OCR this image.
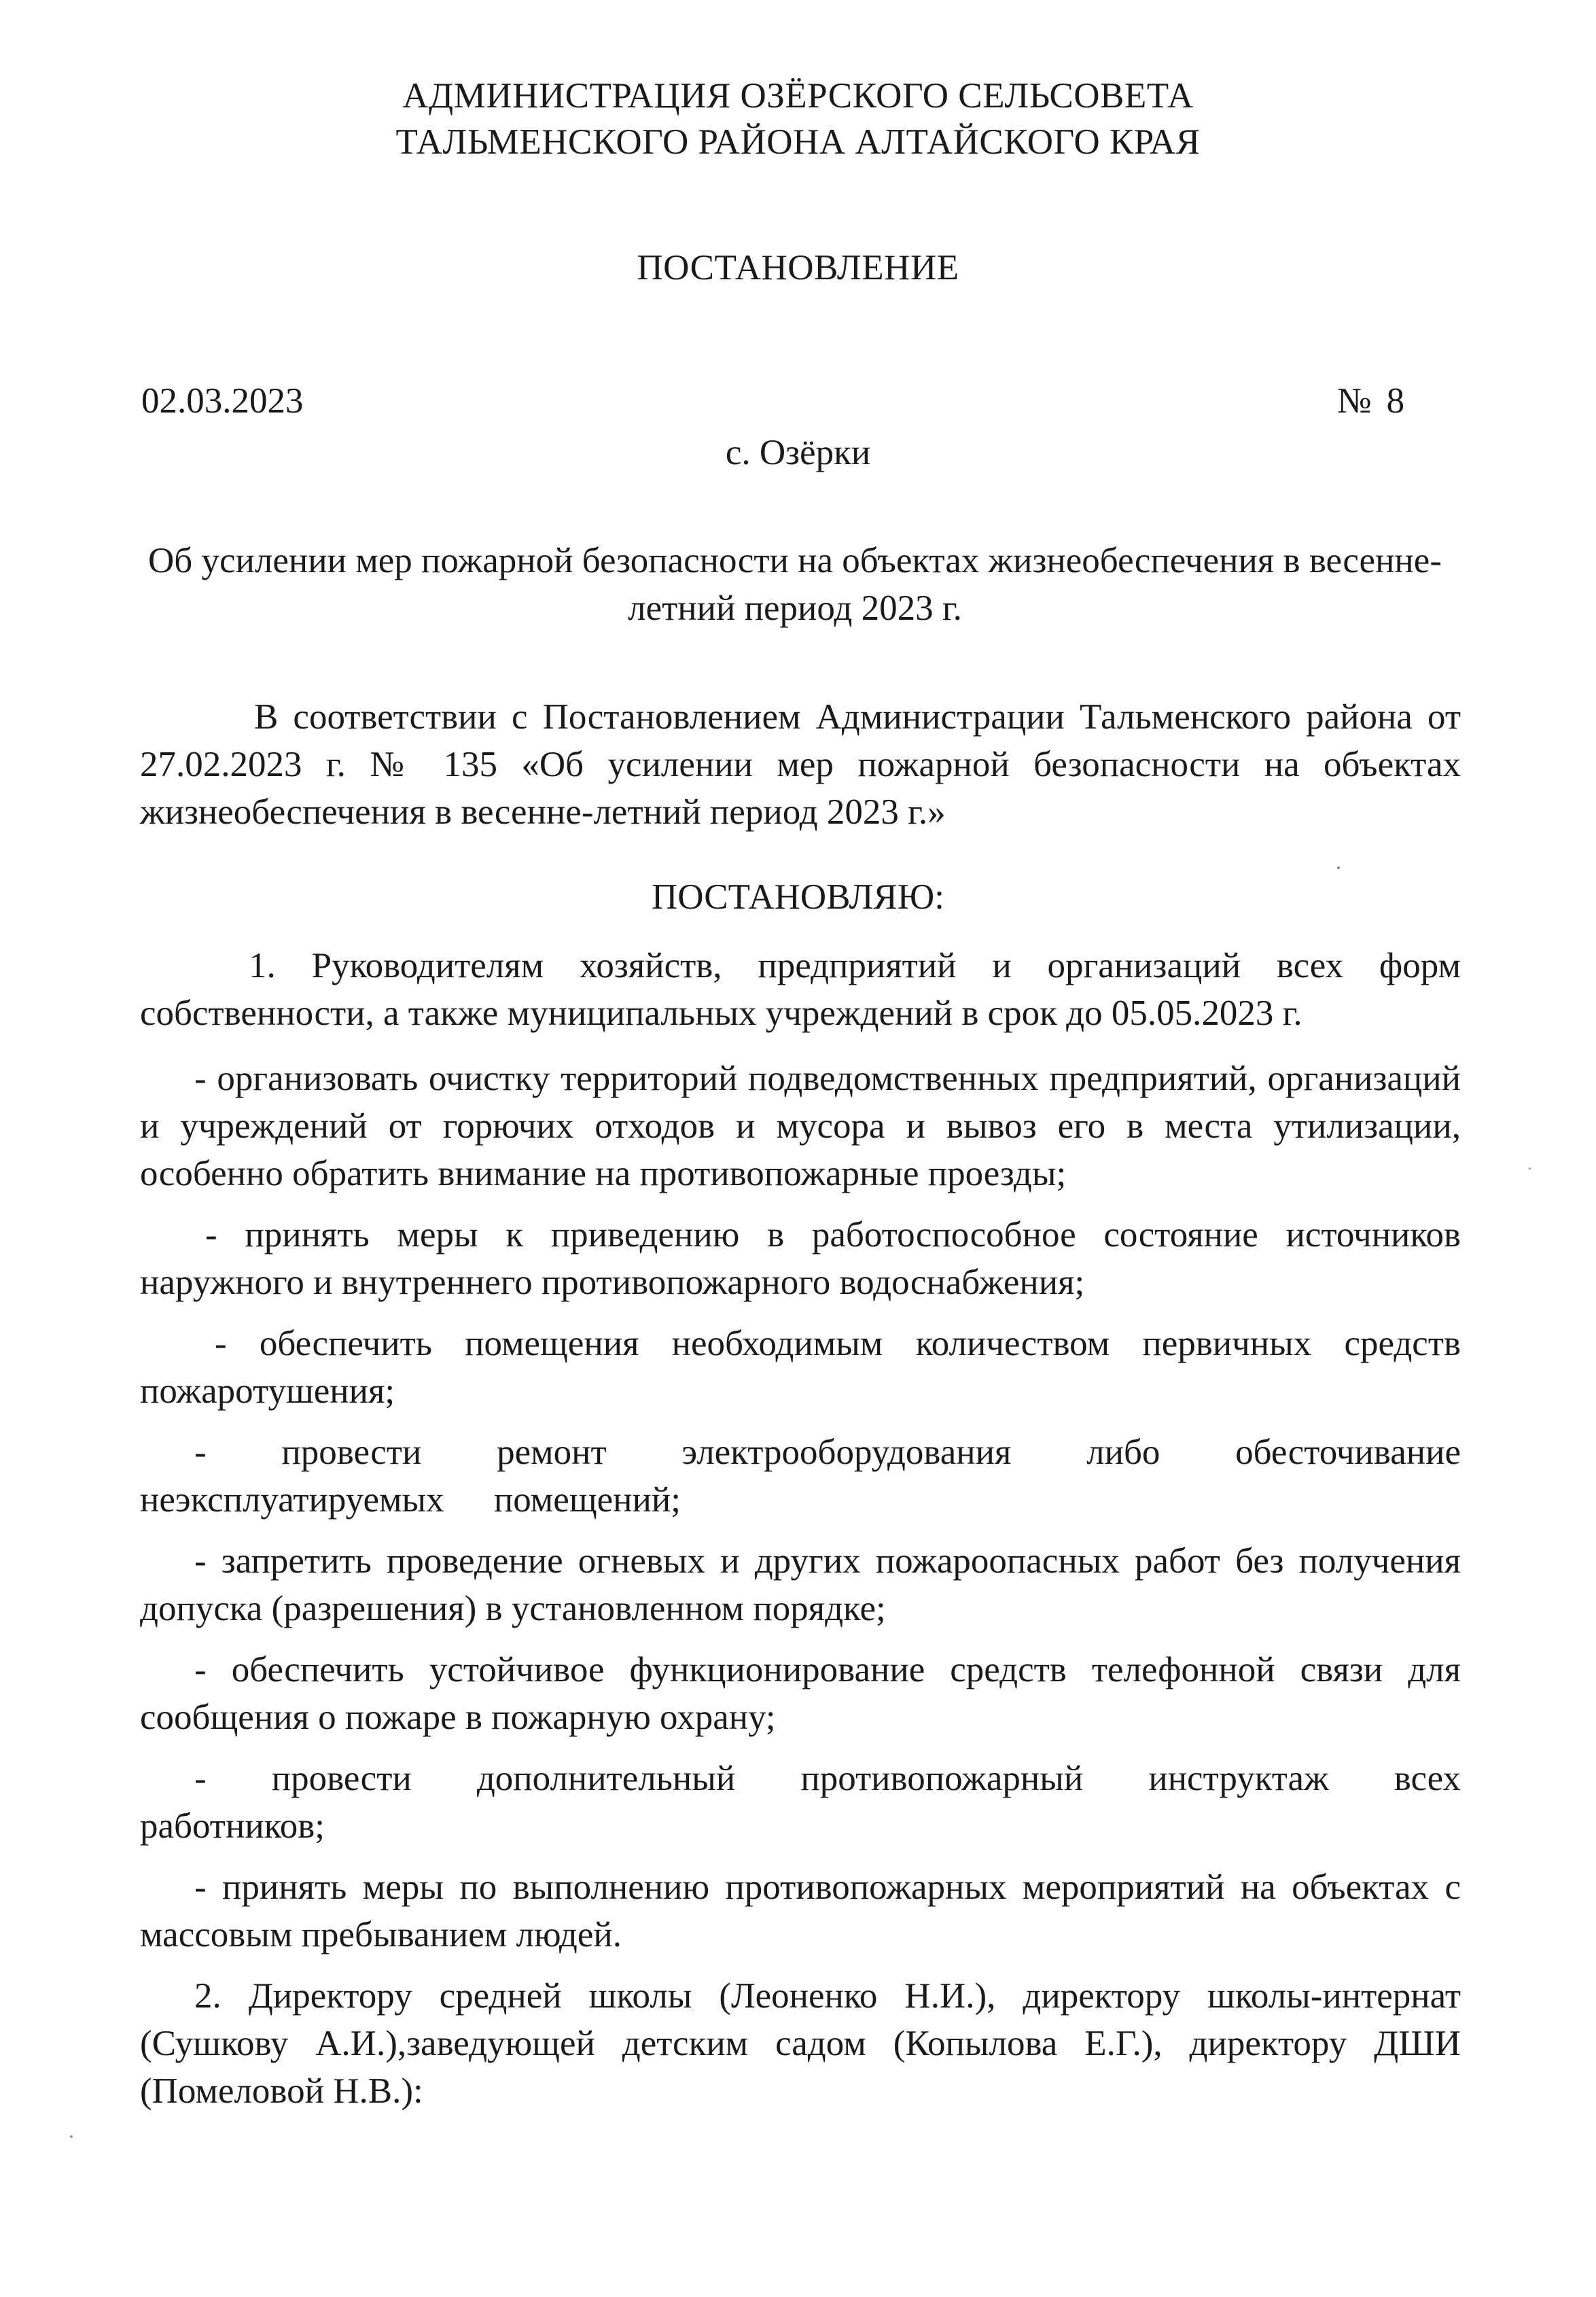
АДМИНИСТРАЦИЯ ОЗЁРСКОГО СЕЛЬСОВЕТА
ТАЛЬМЕНСКОГО РАЙОНА АЛТАЙСКОГО КРАЯ
ПОСТАНОВЛЕНИЕ
02.03.2023	№ 8
с. Озёрки
Об усилении мер пожарной безопасности на объектах жизнеобеспечения в весенне-летний период 2023 г.

В соответствии с Постановлением Администрации Тальменского района от 27.02.2023 г. № 135 «Об усилении мер пожарной безопасности на объектах жизнеобеспечения в весенне-летний период 2023 г.»

ПОСТАНОВЛЯЮ:
1. Руководителям хозяйств, предприятий и организаций всех форм собственности, а также муниципальных учреждений в срок до 05.05.2023 г.
- организовать очистку территорий подведомственных предприятий, организаций и учреждений от горючих отходов и мусора и вывоз его в места утилизации, особенно обратить внимание на противопожарные проезды;
- принять меры к приведению в работоспособное состояние источников наружного и внутреннего противопожарного водоснабжения;
- обеспечить помещения необходимым количеством первичных средств пожаротушения;
- провести ремонт электрооборудования либо обесточивание неэксплуатируемых помещений;
- запретить проведение огневых и других пожароопасных работ без получения допуска (разрешения) в установленном порядке;
- обеспечить устойчивое функционирование средств телефонной связи для сообщения о пожаре в пожарную охрану;
- провести дополнительный противопожарный инструктаж всех работников;
- принять меры по выполнению противопожарных мероприятий на объектах с массовым пребыванием людей.
2. Директору средней школы (Леоненко Н.И.), директору школы-интернат (Сушкову А.И.),заведующей детским садом (Копылова Е.Г.), директору ДШИ (Помеловой Н.В.):
